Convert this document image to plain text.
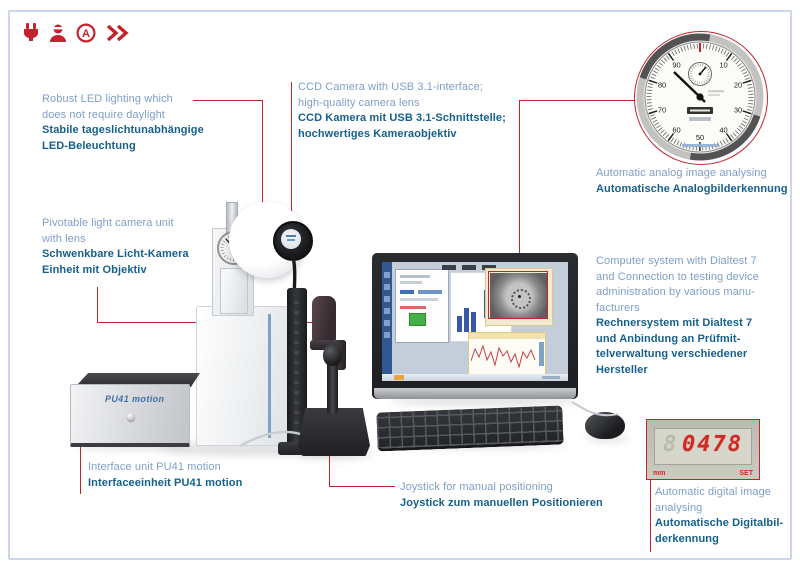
A
Robust LED lighting which
does not require daylight
Stabile tageslichtunabhängige
LED-Beleuchtung
Pivotable light camera unit
with lens
Schwenkbare Licht-Kamera
Einheit mit Objektiv
CCD Camera with USB 3.1-interface;
high-quality camera lens
CCD Kamera mit USB 3.1-Schnittstelle;
hochwertiges Kameraobjektiv
Automatic analog image analysing
Automatische Analogbilderkennung
Computer system with Dialtest 7
and Connection to testing device
administration by various manu-
facturers
Rechnersystem mit Dialtest 7
und Anbindung an Prüfmit-
telverwaltung verschiedener
Hersteller
Interface unit PU41 motion
Interfaceeinheit PU41 motion	Joystick for manual positioning
Joystick zum manuellen Positionieren
Automatic digital image
analysing
Automatische Digitalbil-
derkennung
PU41 motion
10
20
30
40
50
60
70
80
90
8 0478
mm	SET
